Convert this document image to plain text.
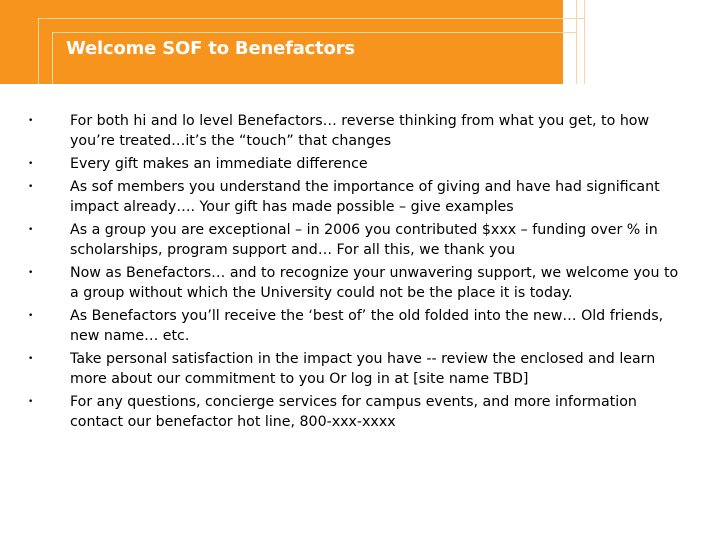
Welcome SOF to Benefactors
•	For both hi and lo level Benefactors… reverse thinking from what you get, to how you’re treated…it’s the “touch” that changes
•	Every gift makes an immediate difference
•	As sof members you understand the importance of giving and have had significant impact already…. Your gift has made possible – give examples
•	As a group you are exceptional – in 2006 you contributed $xxx – funding over % in scholarships, program support and… For all this, we thank you
•	Now as Benefactors… and to recognize your unwavering support, we welcome you to a group without which the University could not be the place it is today.
•	As Benefactors you’ll receive the ‘best of’ the old folded into the new… Old friends, new name… etc.
•	Take personal satisfaction in the impact you have -- review the enclosed and learn more about our commitment to you Or log in at [site name TBD]
•	For any questions, concierge services for campus events, and more information contact our benefactor hot line, 800-xxx-xxxx
